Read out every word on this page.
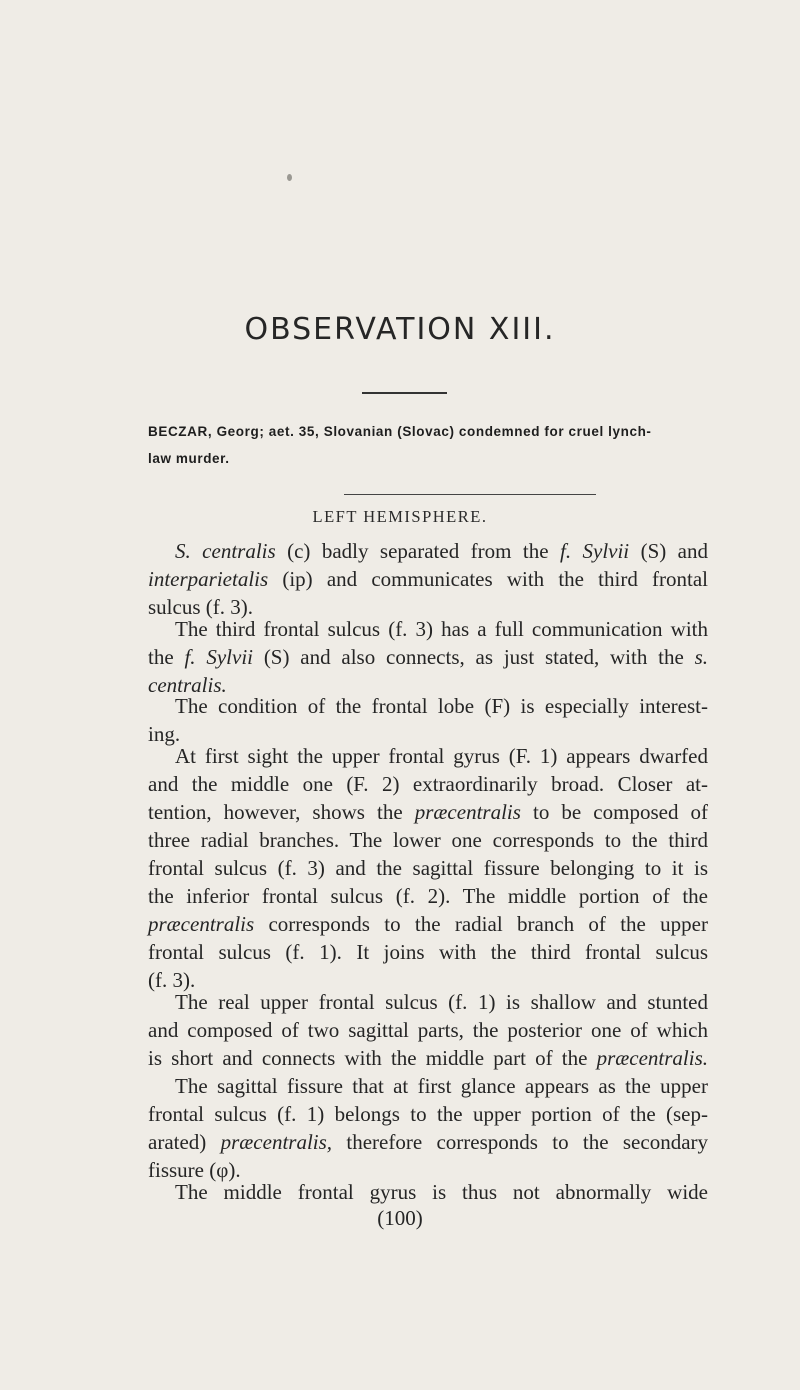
OBSERVATION XIII.
BECZAR, Georg; aet. 35, Slovanian (Slovac) condemned for cruel lynch-
law murder.
LEFT HEMISPHERE.
S. centralis (c) badly separated from the f. Sylvii (S) and
interparietalis (ip) and communicates with the third frontal
sulcus (f. 3).
The third frontal sulcus (f. 3) has a full communication with
the f. Sylvii (S) and also connects, as just stated, with the s.
centralis.
The condition of the frontal lobe (F) is especially interest-
ing.
At first sight the upper frontal gyrus (F. 1) appears dwarfed
and the middle one (F. 2) extraordinarily broad. Closer at-
tention, however, shows the præcentralis to be composed of
three radial branches. The lower one corresponds to the third
frontal sulcus (f. 3) and the sagittal fissure belonging to it is
the inferior frontal sulcus (f. 2). The middle portion of the
præcentralis corresponds to the radial branch of the upper
frontal sulcus (f. 1). It joins with the third frontal sulcus
(f. 3).
The real upper frontal sulcus (f. 1) is shallow and stunted
and composed of two sagittal parts, the posterior one of which
is short and connects with the middle part of the præcentralis.
The sagittal fissure that at first glance appears as the upper
frontal sulcus (f. 1) belongs to the upper portion of the (sep-
arated) præcentralis, therefore corresponds to the secondary
fissure (φ).
The middle frontal gyrus is thus not abnormally wide
(100)
